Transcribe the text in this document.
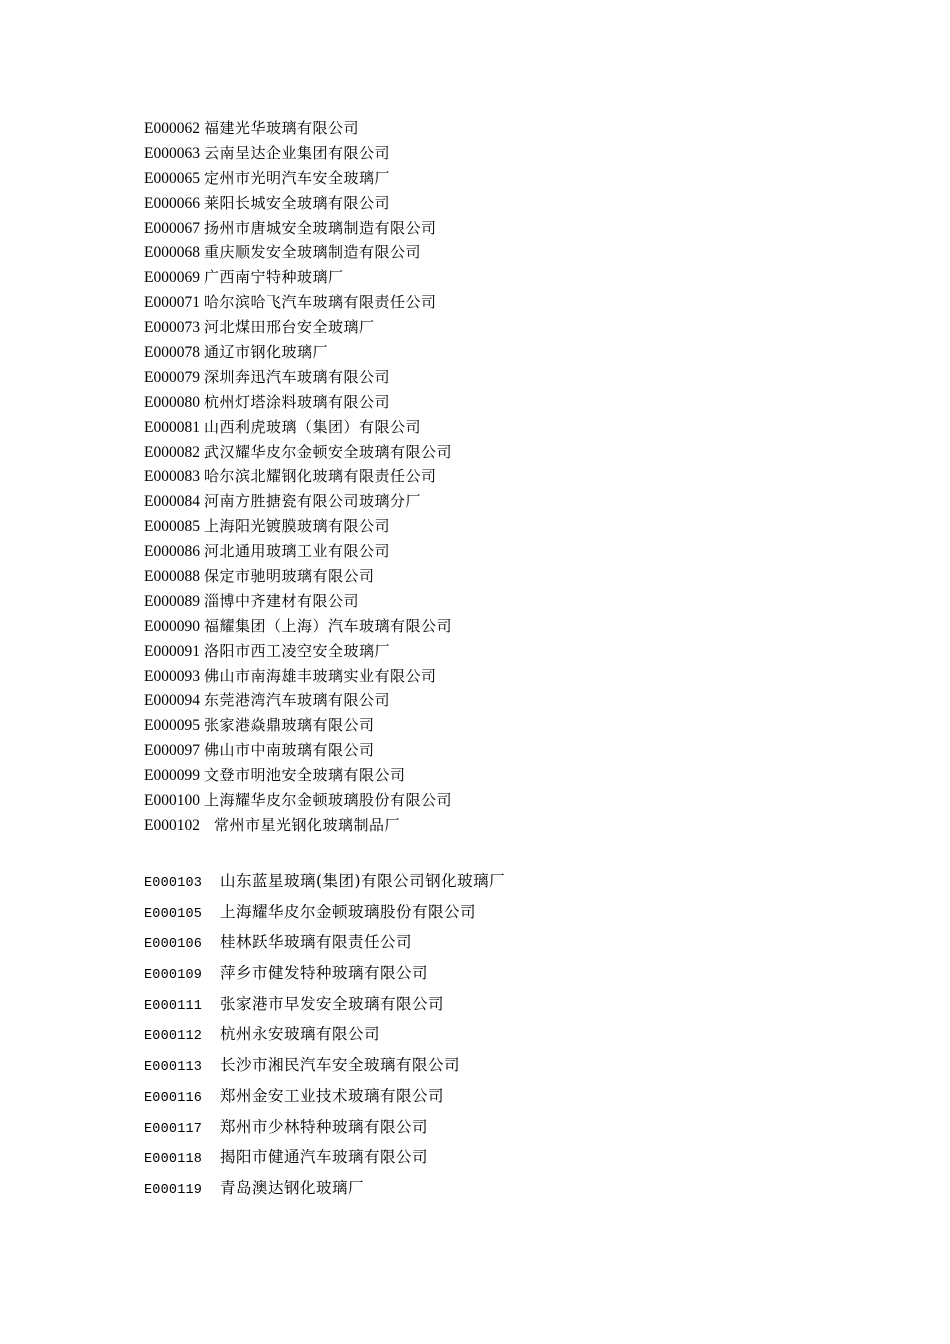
E000062 福建光华玻璃有限公司
E000063 云南呈达企业集团有限公司
E000065 定州市光明汽车安全玻璃厂
E000066 莱阳长城安全玻璃有限公司
E000067 扬州市唐城安全玻璃制造有限公司
E000068 重庆顺发安全玻璃制造有限公司
E000069 广西南宁特种玻璃厂
E000071 哈尔滨哈飞汽车玻璃有限责任公司
E000073 河北煤田邢台安全玻璃厂
E000078 通辽市钢化玻璃厂
E000079 深圳奔迅汽车玻璃有限公司
E000080 杭州灯塔涂料玻璃有限公司
E000081 山西利虎玻璃（集团）有限公司
E000082 武汉耀华皮尔金顿安全玻璃有限公司
E000083 哈尔滨北耀钢化玻璃有限责任公司
E000084 河南方胜搪瓷有限公司玻璃分厂
E000085 上海阳光镀膜玻璃有限公司
E000086 河北通用玻璃工业有限公司
E000088 保定市驰明玻璃有限公司
E000089 淄博中齐建材有限公司
E000090 福耀集团（上海）汽车玻璃有限公司
E000091 洛阳市西工凌空安全玻璃厂
E000093 佛山市南海雄丰玻璃实业有限公司
E000094 东莞港湾汽车玻璃有限公司
E000095 张家港焱鼎玻璃有限公司
E000097 佛山市中南玻璃有限公司
E000099 文登市明池安全玻璃有限公司
E000100 上海耀华皮尔金顿玻璃股份有限公司
E000102 常州市星光钢化玻璃制品厂
E000103 山东蓝星玻璃(集团)有限公司钢化玻璃厂
E000105 上海耀华皮尔金顿玻璃股份有限公司
E000106 桂林跃华玻璃有限责任公司
E000109 萍乡市健发特种玻璃有限公司
E000111 张家港市早发安全玻璃有限公司
E000112 杭州永安玻璃有限公司
E000113 长沙市湘民汽车安全玻璃有限公司
E000116 郑州金安工业技术玻璃有限公司
E000117 郑州市少林特种玻璃有限公司
E000118 揭阳市健通汽车玻璃有限公司
E000119 青岛澳达钢化玻璃厂
